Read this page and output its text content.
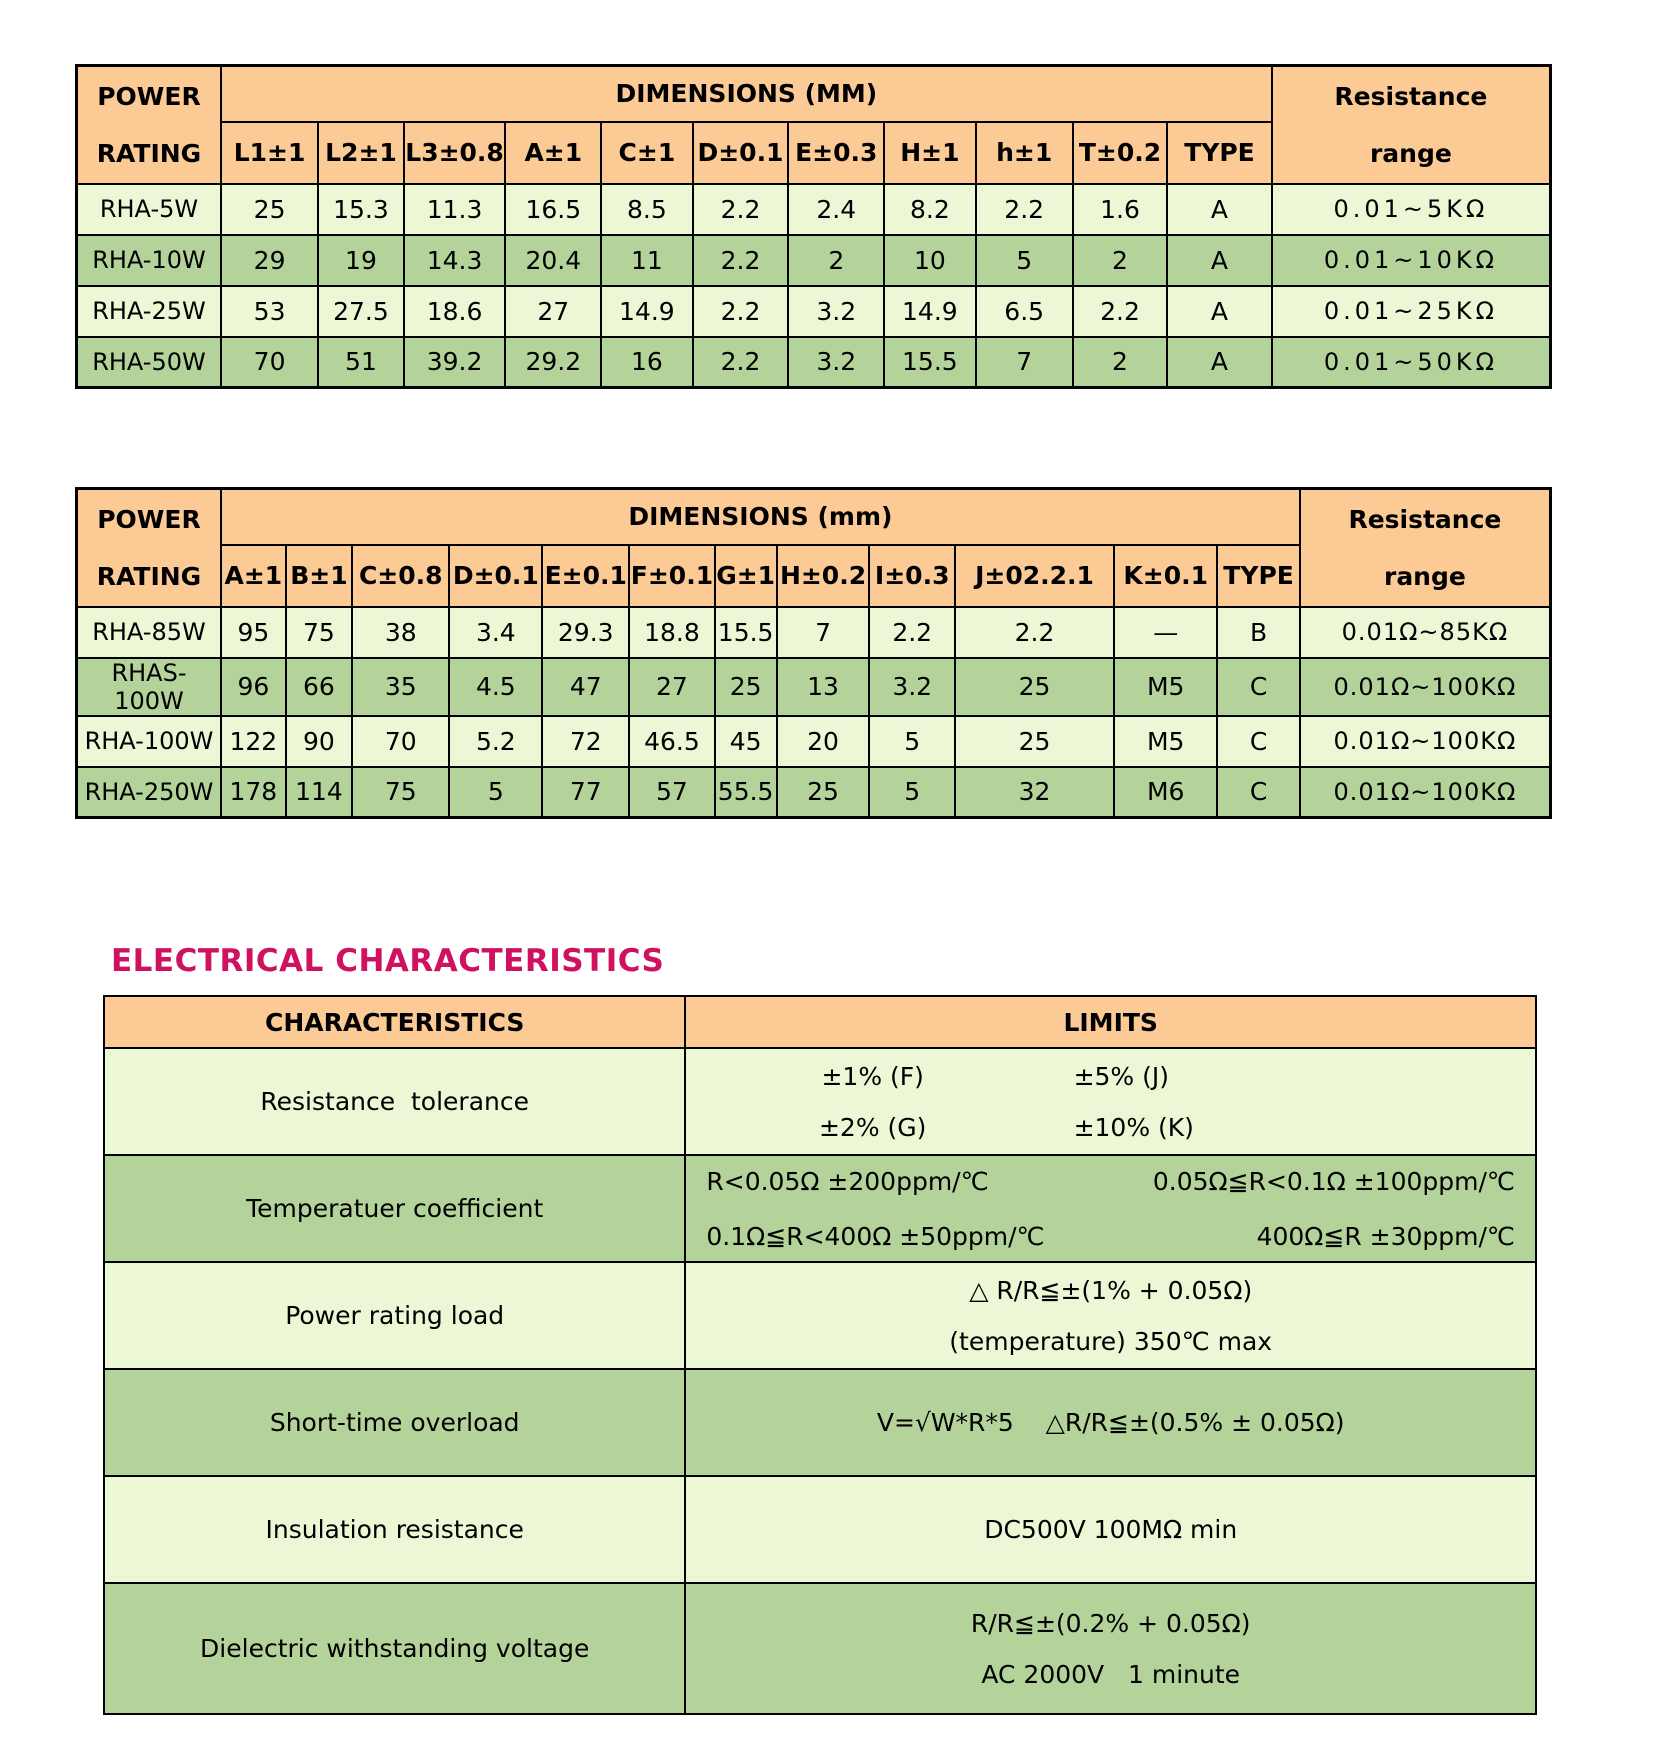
POWER
RATING
	DIMENSIONS (MM)	Resistance
range

	L1±1	L2±1	L3±0.8	A±1	C±1	D±0.1	E±0.3	H±1	h±1	T±0.2	TYPE	
RHA-5W	25	15.3	11.3	16.5	8.5	2.2	2.4	8.2	2.2	1.6	A	0.01~5KΩ
RHA-10W	29	19	14.3	20.4	11	2.2	2	10	5	2	A	0.01~10KΩ
RHA-25W	53	27.5	18.6	27	14.9	2.2	3.2	14.9	6.5	2.2	A	0.01~25KΩ
RHA-50W	70	51	39.2	29.2	16	2.2	3.2	15.5	7	2	A	0.01~50KΩ
POWER
RATING
	DIMENSIONS (mm)	Resistance
range

	A±1	B±1	C±0.8	D±0.1	E±0.1	F±0.1	G±1	H±0.2	I±0.3	J±02.2.1	K±0.1	TYPE	
RHA-85W	95	75	38	3.4	29.3	18.8	15.5	7	2.2	2.2	—	B	0.01Ω~85KΩ
RHAS-100W	96	66	35	4.5	47	27	25	13	3.2	25	M5	C	0.01Ω~100KΩ
RHA-100W	122	90	70	5.2	72	46.5	45	20	5	25	M5	C	0.01Ω~100KΩ
RHA-250W	178	114	75	5	77	57	55.5	25	5	32	M6	C	0.01Ω~100KΩ
ELECTRICAL CHARACTERISTICS
CHARACTERISTICS	LIMITS
Resistance  tolerance	±1% (F) ±5% (J)
±2% (G) ±10% (K)

Temperatuer coefficient	R<0.05Ω ±200ppm/℃ 0.05Ω≦R<0.1Ω ±100ppm/℃
0.1Ω≦R<400Ω ±50ppm/℃ 400Ω≦R ±30ppm/℃

Power rating load	△ R/R≦±(1% + 0.05Ω)
(temperature) 350℃ max

Short-time overload	V=√W*R*5    △R/R≦±(0.5% ± 0.05Ω)

Insulation resistance	DC500V 100MΩ min

Dielectric withstanding voltage	R/R≦±(0.2% + 0.05Ω)
AC 2000V   1 minute
